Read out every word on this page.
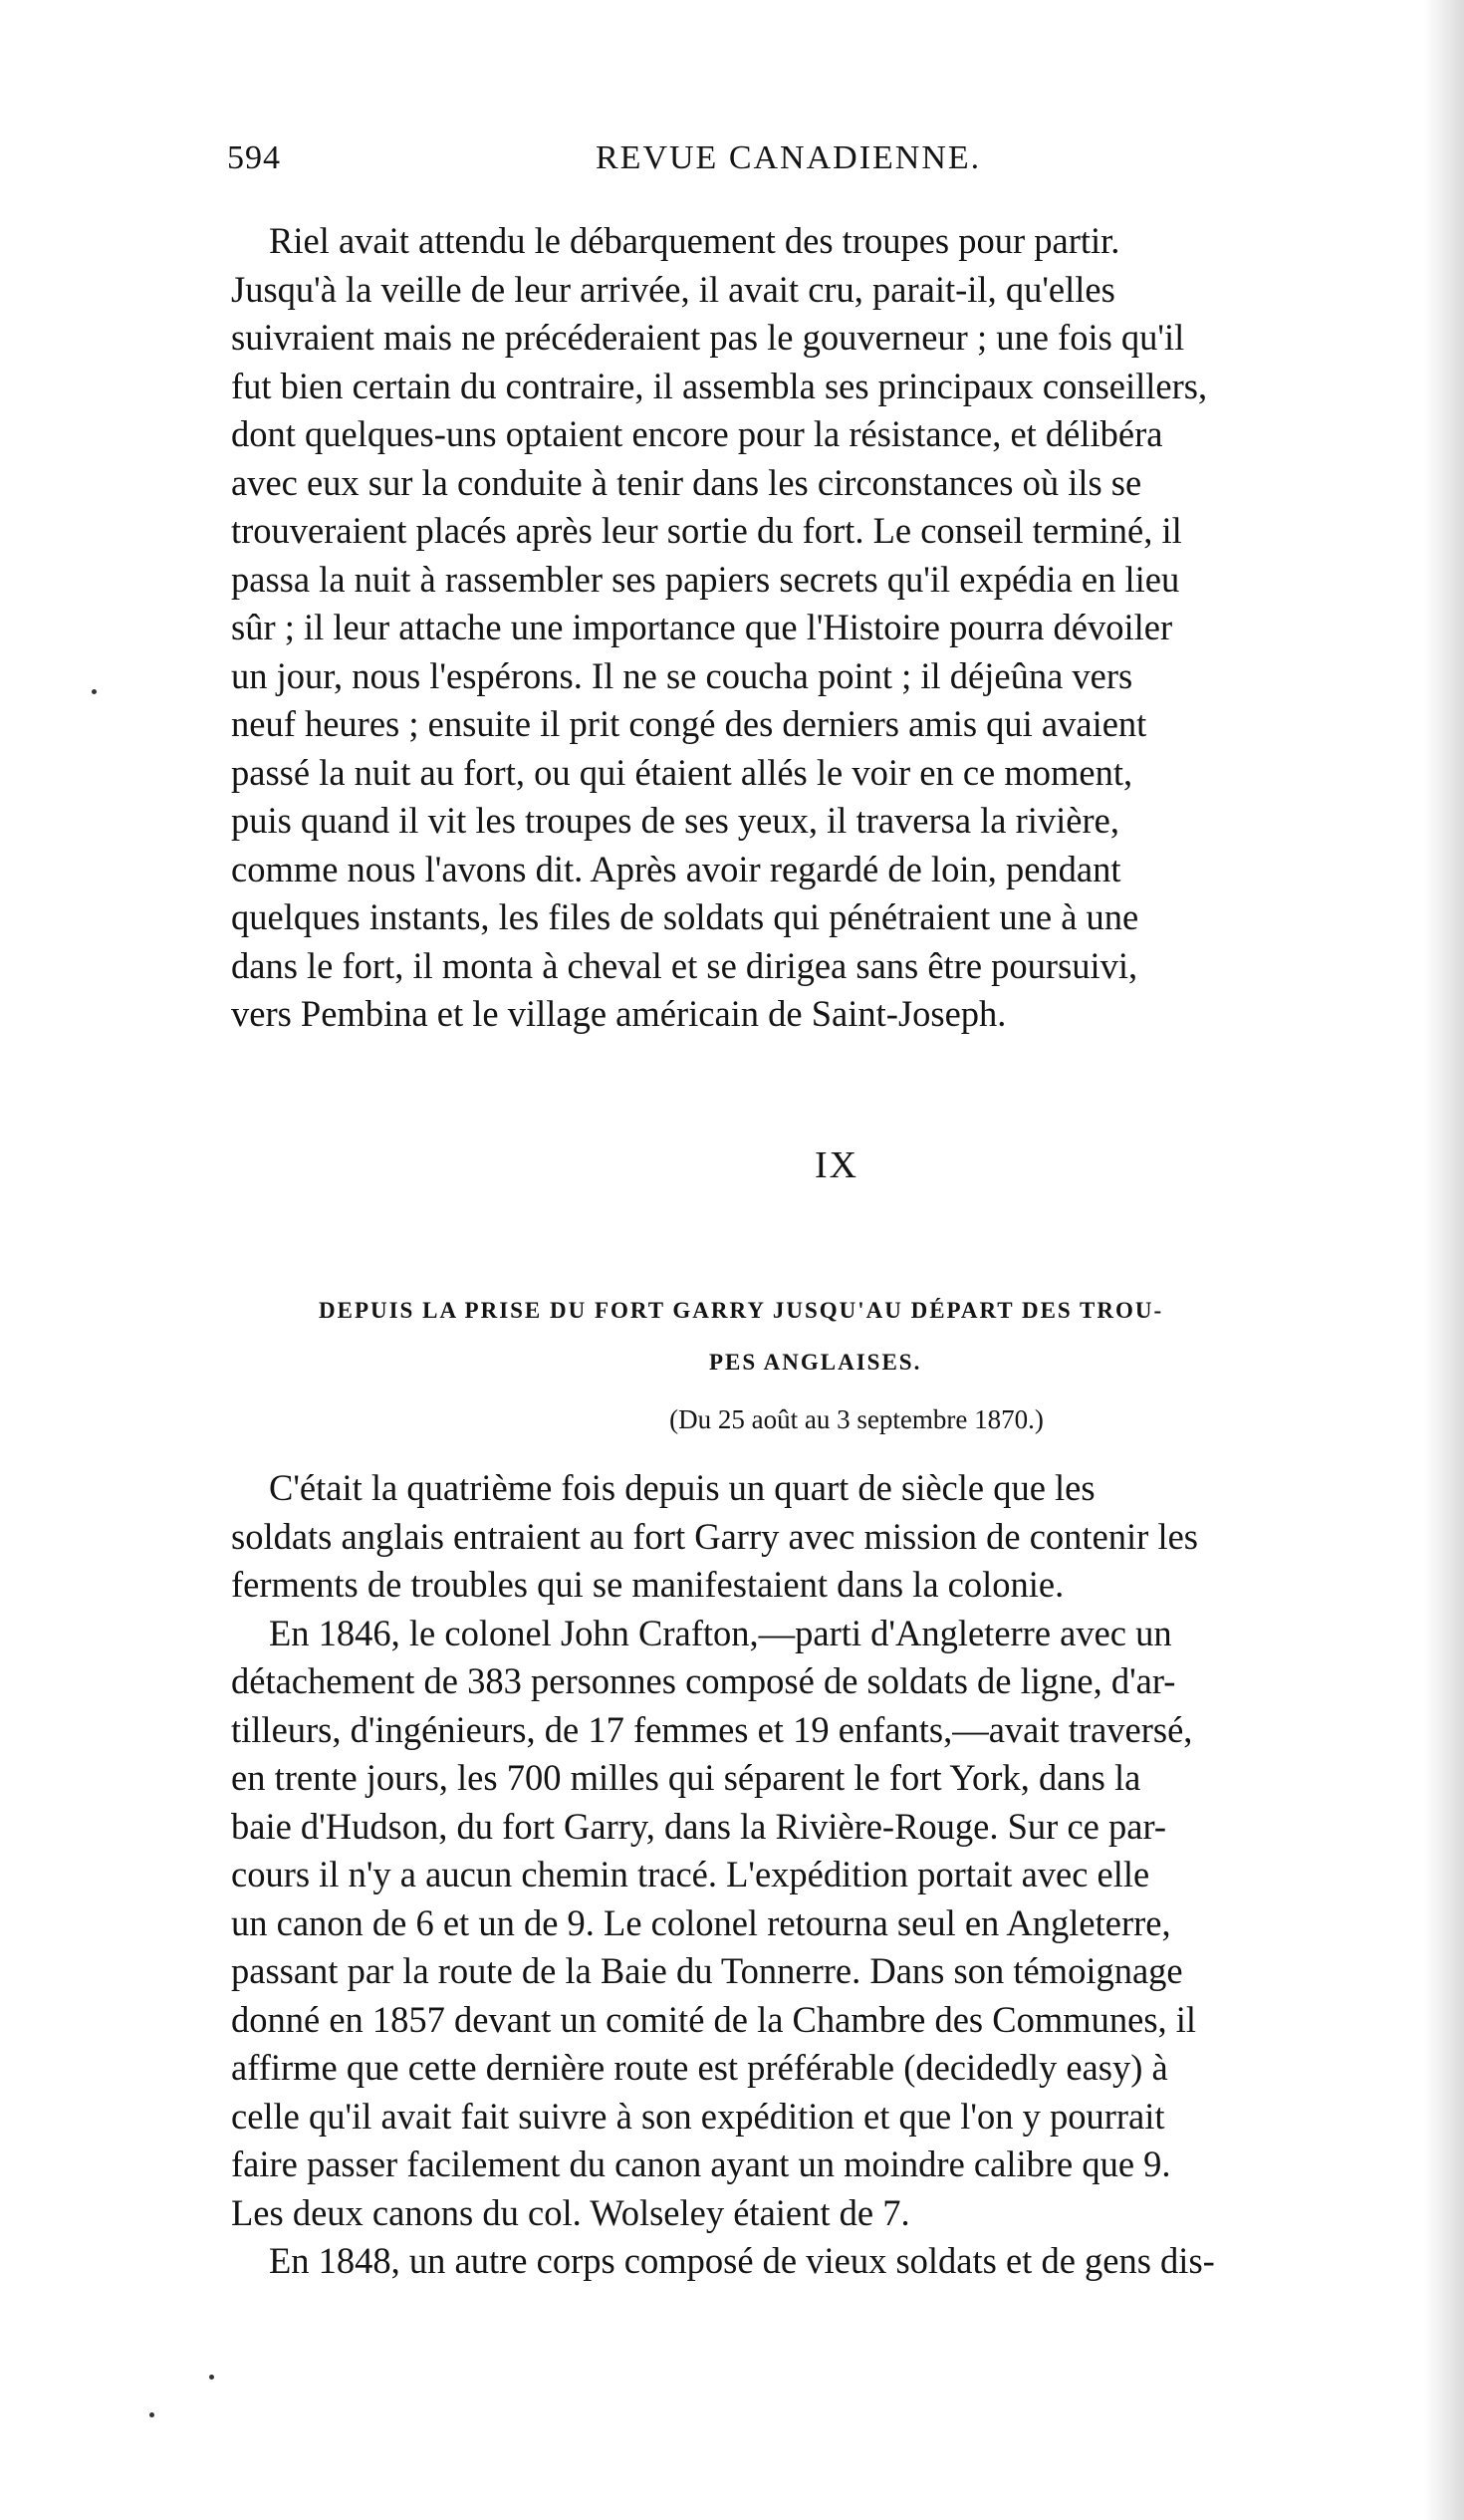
594	REVUE CANADIENNE.
Riel avait attendu le débarquement des troupes pour partir.
Jusqu'à la veille de leur arrivée, il avait cru, parait-il, qu'elles
suivraient mais ne précéderaient pas le gouverneur ; une fois qu'il
fut bien certain du contraire, il assembla ses principaux conseillers,
dont quelques-uns optaient encore pour la résistance, et délibéra
avec eux sur la conduite à tenir dans les circonstances où ils se
trouveraient placés après leur sortie du fort. Le conseil terminé, il
passa la nuit à rassembler ses papiers secrets qu'il expédia en lieu
sûr ; il leur attache une importance que l'Histoire pourra dévoiler
un jour, nous l'espérons. Il ne se coucha point ; il déjeûna vers
neuf heures ; ensuite il prit congé des derniers amis qui avaient
passé la nuit au fort, ou qui étaient allés le voir en ce moment,
puis quand il vit les troupes de ses yeux, il traversa la rivière,
comme nous l'avons dit. Après avoir regardé de loin, pendant
quelques instants, les files de soldats qui pénétraient une à une
dans le fort, il monta à cheval et se dirigea sans être poursuivi,
vers Pembina et le village américain de Saint-Joseph.
IX
DEPUIS LA PRISE DU FORT GARRY JUSQU'AU DÉPART DES TROU-
PES ANGLAISES.
(Du 25 août au 3 septembre 1870.)
C'était la quatrième fois depuis un quart de siècle que les
soldats anglais entraient au fort Garry avec mission de contenir les
ferments de troubles qui se manifestaient dans la colonie.
En 1846, le colonel John Crafton,—parti d'Angleterre avec un
détachement de 383 personnes composé de soldats de ligne, d'ar-
tilleurs, d'ingénieurs, de 17 femmes et 19 enfants,—avait traversé,
en trente jours, les 700 milles qui séparent le fort York, dans la
baie d'Hudson, du fort Garry, dans la Rivière-Rouge. Sur ce par-
cours il n'y a aucun chemin tracé. L'expédition portait avec elle
un canon de 6 et un de 9. Le colonel retourna seul en Angleterre,
passant par la route de la Baie du Tonnerre. Dans son témoignage
donné en 1857 devant un comité de la Chambre des Communes, il
affirme que cette dernière route est préférable (decidedly easy) à
celle qu'il avait fait suivre à son expédition et que l'on y pourrait
faire passer facilement du canon ayant un moindre calibre que 9.
Les deux canons du col. Wolseley étaient de 7.
En 1848, un autre corps composé de vieux soldats et de gens dis-
